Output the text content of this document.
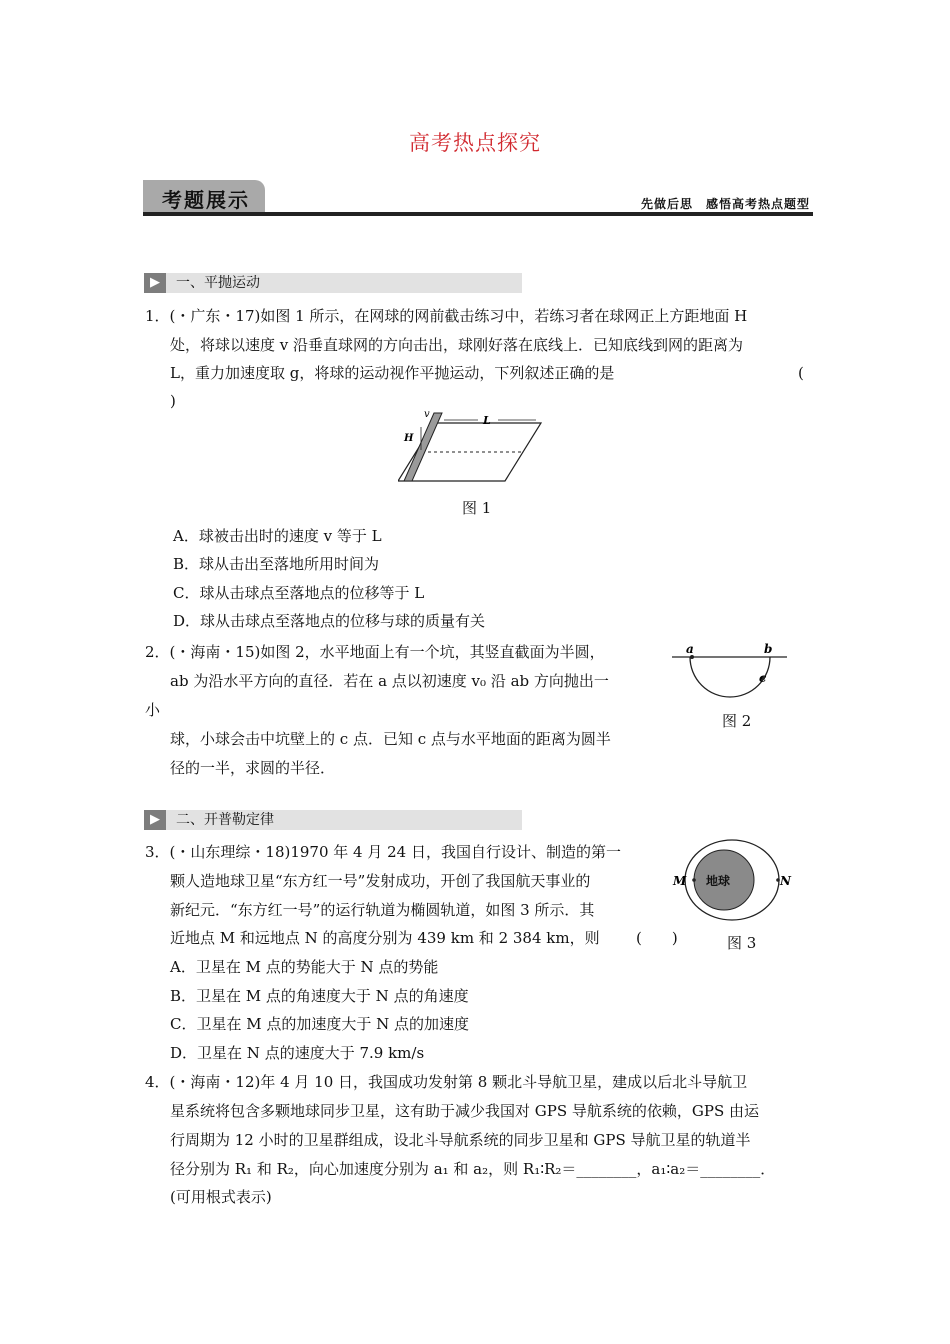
高考热点探究
考题展示	先做后思　感悟高考热点题型
▶	一、平抛运动
1．(・广东・17)如图 1 所示，在网球的网前截击练习中，若练习者在球网正上方距地面 H
处，将球以速度 v 沿垂直球网的方向击出，球刚好落在底线上．已知底线到网的距离为
L，重力加速度取 g，将球的运动视作平抛运动，下列叙述正确的是	(
)
H
v	L
图 1
A．球被击出时的速度 v 等于 L
B．球从击出至落地所用时间为
C．球从击球点至落地点的位移等于 L
D．球从击球点至落地点的位移与球的质量有关
2．(・海南・15)如图 2，水平地面上有一个坑，其竖直截面为半圆，
ab 为沿水平方向的直径．若在 a 点以初速度 v₀ 沿 ab 方向抛出一
小
球，小球会击中坑壁上的 c 点．已知 c 点与水平地面的距离为圆半
径的一半，求圆的半径．
a	b
c
图 2
▶	二、开普勒定律
3．(・山东理综・18)1970 年 4 月 24 日，我国自行设计、制造的第一
颗人造地球卫星“东方红一号”发射成功，开创了我国航天事业的
新纪元．“东方红一号”的运行轨道为椭圆轨道，如图 3 所示．其
近地点 M 和远地点 N 的高度分别为 439 km 和 2 384 km，则 (　　)
M	N
地球
图 3
A．卫星在 M 点的势能大于 N 点的势能
B．卫星在 M 点的角速度大于 N 点的角速度
C．卫星在 M 点的加速度大于 N 点的加速度
D．卫星在 N 点的速度大于 7.9 km/s
4．(・海南・12)年 4 月 10 日，我国成功发射第 8 颗北斗导航卫星，建成以后北斗导航卫
星系统将包含多颗地球同步卫星，这有助于减少我国对 GPS 导航系统的依赖，GPS 由运
行周期为 12 小时的卫星群组成，设北斗导航系统的同步卫星和 GPS 导航卫星的轨道半
径分别为 R₁ 和 R₂，向心加速度分别为 a₁ 和 a₂，则 R₁∶R₂＝________，a₁∶a₂＝________．
(可用根式表示)
